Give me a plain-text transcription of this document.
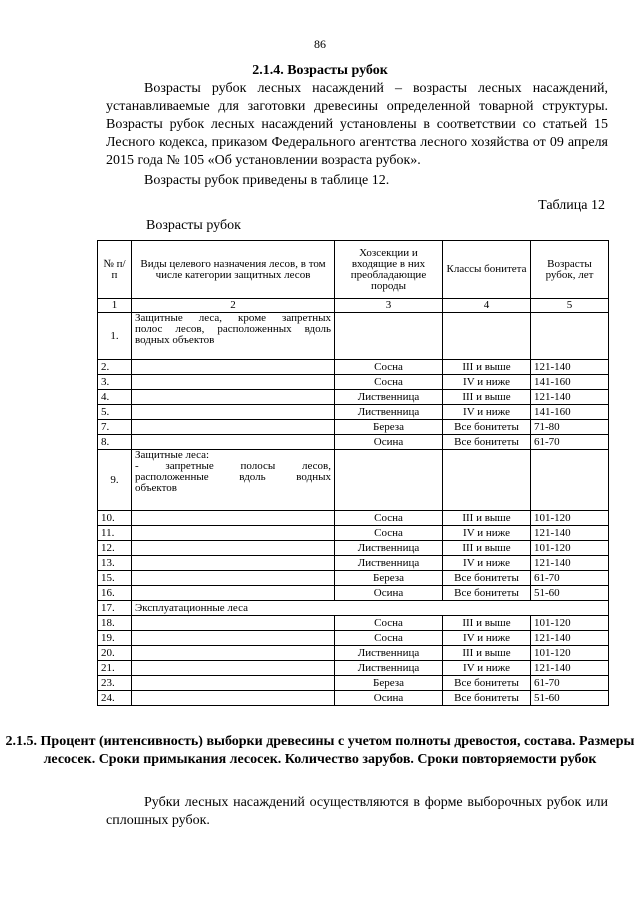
86
2.1.4. Возрасты рубок

Возрасты рубок лесных насаждений – возрасты лесных насаждений, устанавливаемые для заготовки древесины определенной товарной структуры. Возрасты рубок лесных насаждений установлены в соответствии со статьей 15 Лесного кодекса, приказом Федерального агентства лесного хозяйства от 09 апреля 2015 года № 105 «Об установлении возраста рубок».

Возрасты рубок приведены в таблице 12.

Таблица 12
Возрасты рубок
№ п/п	Виды целевого назначения лесов, в том числе категории защитных лесов	Хозсекции и входящие в них преобладающие породы	Классы бонитета	Возрасты рубок, лет
1	2	3	4	5
1.	Защитные леса, кроме запретных
полос лесов, расположенных вдоль
водных объектов			

2.		Сосна	III и выше	121-140
3.		Сосна	IV и ниже	141-160
4.		Лиственница	III и выше	121-140
5.		Лиственница	IV и ниже	141-160
7.		Береза	Все бонитеты	71-80
8.		Осина	Все бонитеты	61-70
9.	Защитные леса:
- запретные полосы лесов,
расположенные вдоль водных
объектов			

10.		Сосна	III и выше	101-120
11.		Сосна	IV и ниже	121-140
12.		Лиственница	III и выше	101-120
13.		Лиственница	IV и ниже	121-140
15.		Береза	Все бонитеты	61-70
16.		Осина	Все бонитеты	51-60
17.	Эксплуатационные леса			
18.		Сосна	III и выше	101-120
19.		Сосна	IV и ниже	121-140
20.		Лиственница	III и выше	101-120
21.		Лиственница	IV и ниже	121-140
23.		Береза	Все бонитеты	61-70
24.		Осина	Все бонитеты	51-60
2.1.5. Процент (интенсивность) выборки древесины с учетом полноты древостоя, состава. Размеры лесосек. Сроки примыкания лесосек. Количество зарубов. Сроки повторяемости рубок

Рубки лесных насаждений осуществляются в форме выборочных рубок или сплошных рубок.
